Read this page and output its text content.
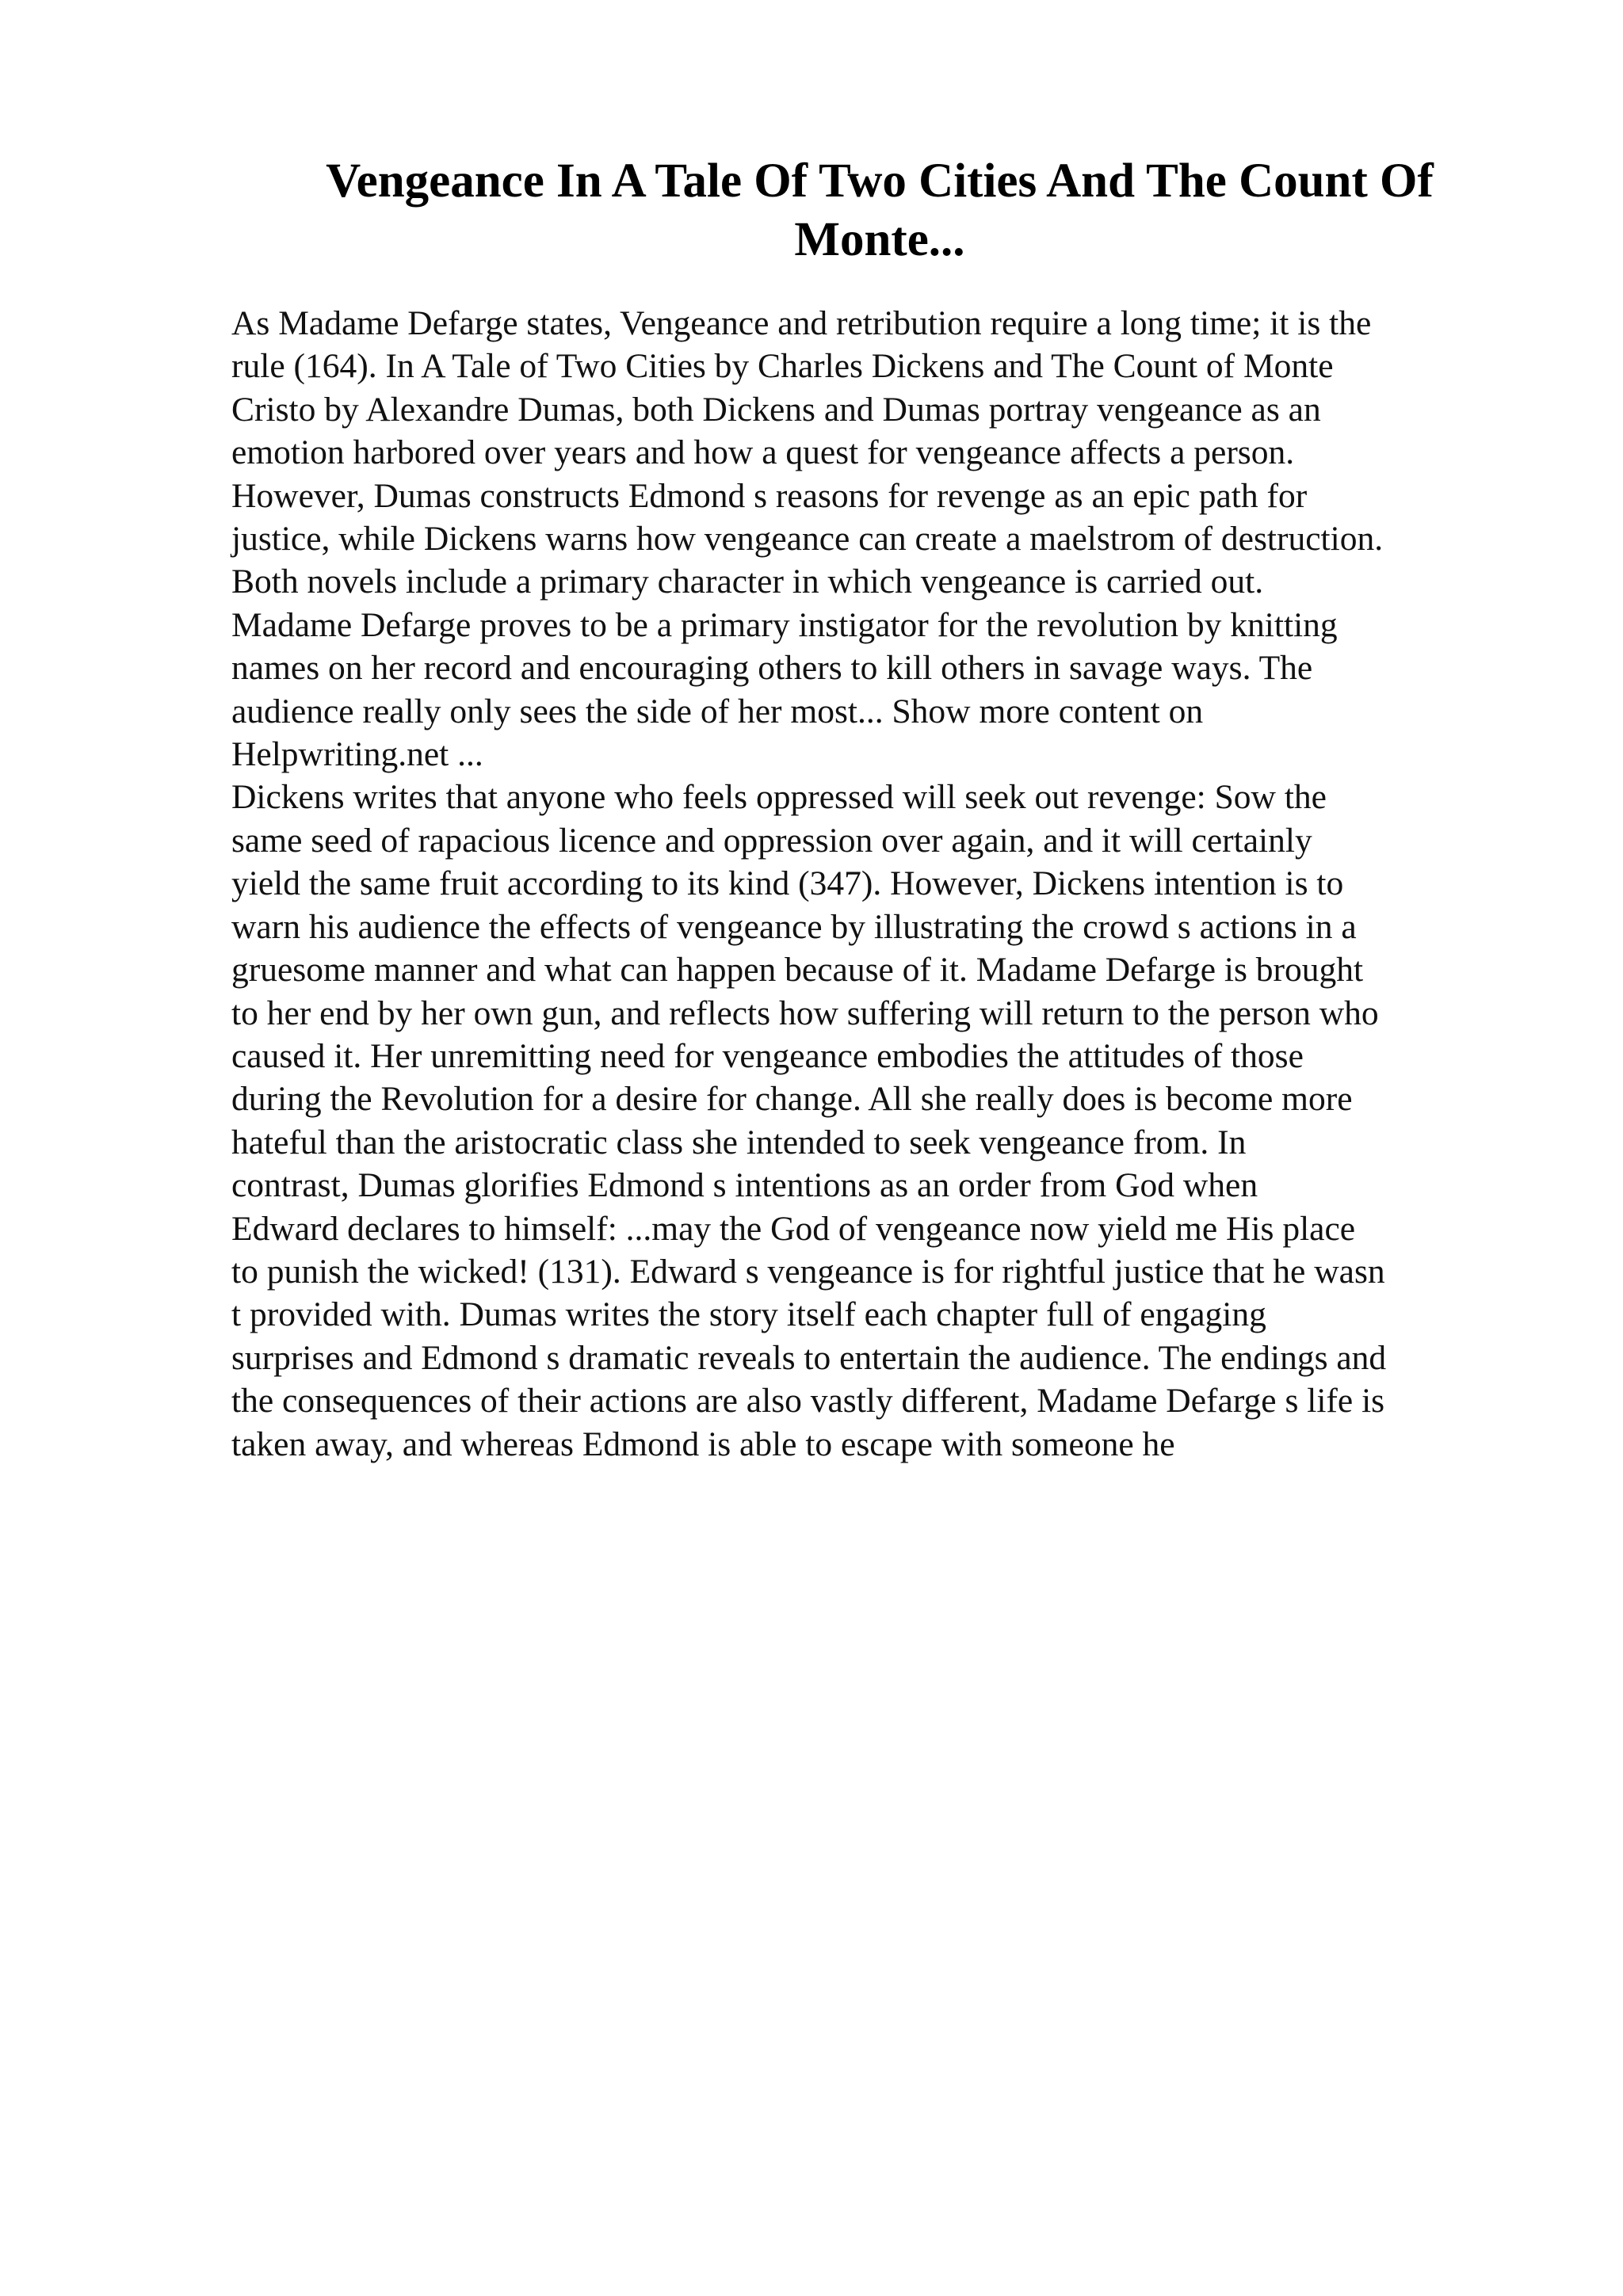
Vengeance In A Tale Of Two Cities And The Count Of
Monte...
As Madame Defarge states, Vengeance and retribution require a long time; it is the
rule (164). In A Tale of Two Cities by Charles Dickens and The Count of Monte
Cristo by Alexandre Dumas, both Dickens and Dumas portray vengeance as an
emotion harbored over years and how a quest for vengeance affects a person.
However, Dumas constructs Edmond s reasons for revenge as an epic path for
justice, while Dickens warns how vengeance can create a maelstrom of destruction.
Both novels include a primary character in which vengeance is carried out.
Madame Defarge proves to be a primary instigator for the revolution by knitting
names on her record and encouraging others to kill others in savage ways. The
audience really only sees the side of her most... Show more content on
Helpwriting.net ...
Dickens writes that anyone who feels oppressed will seek out revenge: Sow the
same seed of rapacious licence and oppression over again, and it will certainly
yield the same fruit according to its kind (347). However, Dickens intention is to
warn his audience the effects of vengeance by illustrating the crowd s actions in a
gruesome manner and what can happen because of it. Madame Defarge is brought
to her end by her own gun, and reflects how suffering will return to the person who
caused it. Her unremitting need for vengeance embodies the attitudes of those
during the Revolution for a desire for change. All she really does is become more
hateful than the aristocratic class she intended to seek vengeance from. In
contrast, Dumas glorifies Edmond s intentions as an order from God when
Edward declares to himself: ...may the God of vengeance now yield me His place
to punish the wicked! (131). Edward s vengeance is for rightful justice that he wasn
t provided with. Dumas writes the story itself each chapter full of engaging
surprises and Edmond s dramatic reveals to entertain the audience. The endings and
the consequences of their actions are also vastly different, Madame Defarge s life is
taken away, and whereas Edmond is able to escape with someone he
